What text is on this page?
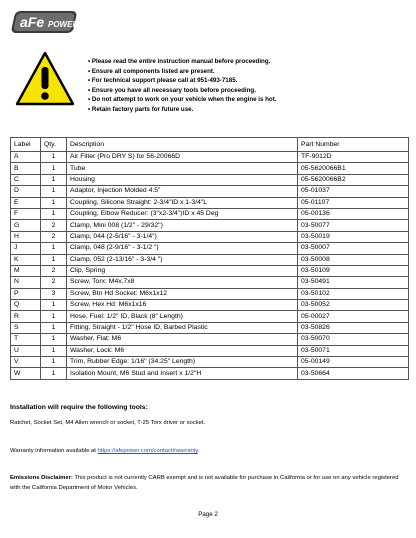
aFe POWER
• Please read the entire instruction manual before proceeding.
• Ensure all components listed are present.
• For technical support please call at 951-493-7185.
• Ensure you have all necessary tools before proceeding.
• Do not attempt to work on your vehicle when the engine is hot.
• Retain factory parts for future use.
Label	Qty.	Description	Part Number
A	1	Air Filter (Pro DRY S) for 56-20066D	TF-9012D
B	1	Tube	05-5620066B1
C	1	Housing	05-5620066B2
D	1	Adaptor, Injection Molded 4.5"	05-01037
E	1	Coupling, Silicone Straight: 2-3/4"ID x 1-3/4"L	05-01107
F	1	Coupling, Elbow Reducer: (3"x2-3/4")ID x 45 Deg	05-00136
G	2	Clamp, Mini 008 (1/2" - 29/32")	03-50077
H	2	Clamp, 044 (2-5/16" - 3-1/4")	03-50019
J	1	Clamp, 048 (2-9/16" - 3-1/2 ")	03-50007
K	1	Clamp, 052 (2-13/16" - 3-3/4 ")	03-50008
M	2	Clip, Spring	03-50109
N	2	Screw, Torx: M4x.7x8	03-50491
P	3	Screw, Btn Hd Socket: M6x1x12	03-50102
Q	1	Screw, Hex Hd: M6x1x16	03-50052
R	1	Hose, Fuel: 1/2" ID, Black (8" Length)	05-00027
S	1	Fitting, Straight - 1/2" Hose ID, Barbed Plastic	03-50826
T	1	Washer, Flat: M6	03-50070
U	1	Washer, Lock: M6	03-50071
V	1	Trim, Rubber Edge: 1/16" (34.25" Length)	05-00149
W	1	Isolation Mount, M6 Stud and Insert x 1/2"H	03-50664
Installation will require the following tools:
Ratchet, Socket Set, M4 Allen wrench or socket, T-25 Torx driver or socket.
Warranty information available at https://afepower.com/contact#warranty.
Emissions Disclaimer: This product is not currently CARB exempt and is not available for purchase in California or for use on any vehicle registered with the California Department of Motor Vehicles.
Page 2
